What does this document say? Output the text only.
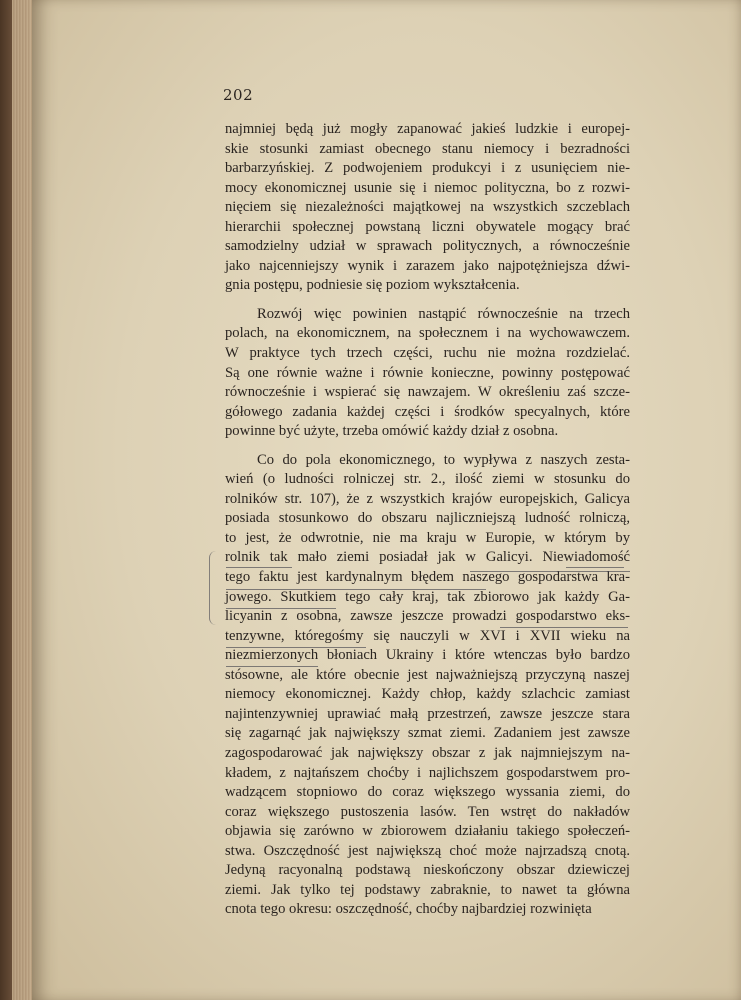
202
najmniej będą już mogły zapanować jakieś ludzkie i europej-
skie stosunki zamiast obecnego stanu niemocy i bezradności
barbarzyńskiej. Z podwojeniem produkcyi i z usunięciem nie-
mocy ekonomicznej usunie się i niemoc polityczna, bo z rozwi-
nięciem się niezależności majątkowej na wszystkich szczeblach
hierarchii społecznej powstaną liczni obywatele mogący brać
samodzielny udział w sprawach politycznych, a równocześnie
jako najcenniejszy wynik i zarazem jako najpotężniejsza dźwi-
gnia postępu, podniesie się poziom wykształcenia.
Rozwój więc powinien nastąpić równocześnie na trzech
polach, na ekonomicznem, na społecznem i na wychowawczem.
W praktyce tych trzech części, ruchu nie można rozdzielać.
Są one równie ważne i równie konieczne, powinny postępować
równocześnie i wspierać się nawzajem. W określeniu zaś szcze-
gółowego zadania każdej części i środków specyalnych, które
powinne być użyte, trzeba omówić każdy dział z osobna.
Co do pola ekonomicznego, to wypływa z naszych zesta-
wień (o ludności rolniczej str. 2., ilość ziemi w stosunku do
rolników str. 107), że z wszystkich krajów europejskich, Galicya
posiada stosunkowo do obszaru najliczniejszą ludność rolniczą,
to jest, że odwrotnie, nie ma kraju w Europie, w którym by
rolnik tak mało ziemi posiadał jak w Galicyi. Niewiadomość
tego faktu jest kardynalnym błędem naszego gospodarstwa kra-
jowego. Skutkiem tego cały kraj, tak zbiorowo jak każdy Ga-
licyanin z osobna, zawsze jeszcze prowadzi gospodarstwo eks-
tenzywne, któregośmy się nauczyli w XVI i XVII wieku na
niezmierzonych błoniach Ukrainy i które wtenczas było bardzo
stósowne, ale które obecnie jest najważniejszą przyczyną naszej
niemocy ekonomicznej. Każdy chłop, każdy szlachcic zamiast
najintenzywniej uprawiać małą przestrzeń, zawsze jeszcze stara
się zagarnąć jak największy szmat ziemi. Zadaniem jest zawsze
zagospodarować jak największy obszar z jak najmniejszym na-
kładem, z najtańszem choćby i najlichszem gospodarstwem pro-
wadzącem stopniowo do coraz większego wyssania ziemi, do
coraz większego pustoszenia lasów. Ten wstręt do nakładów
objawia się zarówno w zbiorowem działaniu takiego społeczeń-
stwa. Oszczędność jest największą choć może najrzadszą cnotą.
Jedyną racyonalną podstawą nieskończony obszar dziewiczej
ziemi. Jak tylko tej podstawy zabraknie, to nawet ta główna
cnota tego okresu: oszczędność, choćby najbardziej rozwinięta
